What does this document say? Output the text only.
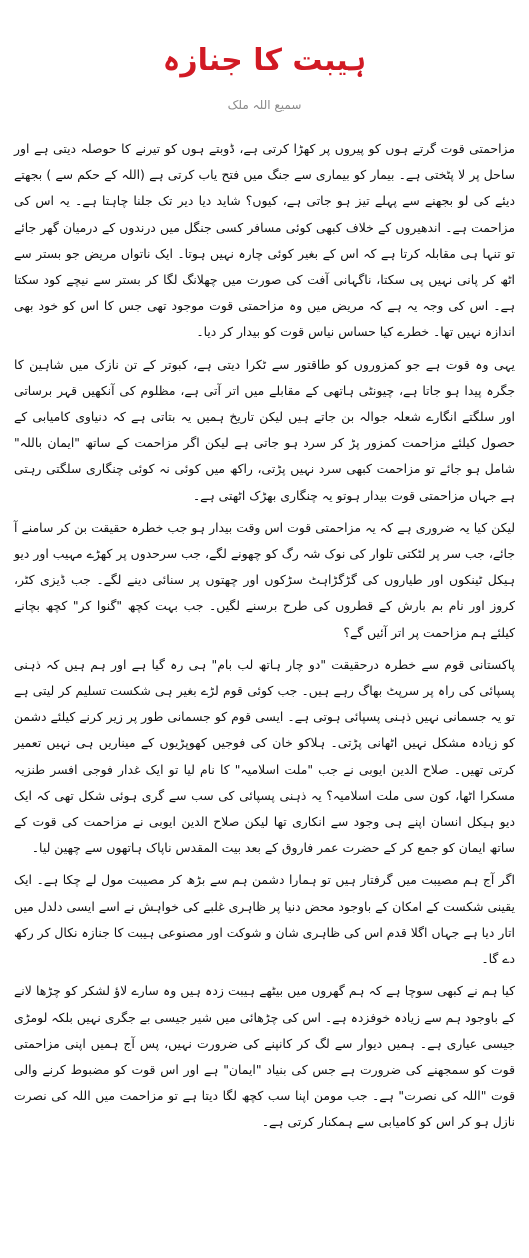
ہیبت کا جنازہ
سمیع اللہ ملک

مزاحمتی قوت گرتے ہوں کو پیروں پر کھڑا کرتی ہے، ڈوبتے ہوں کو تیرنے کا حوصلہ دیتی ہے اور ساحل پر لا پٹختی ہے۔ بیمار کو بیماری سے جنگ میں فتح یاب کرتی ہے (اللہ کے حکم سے ) بجھتے دیئے کی لو بجھنے سے پہلے تیز ہو جاتی ہے، کیوں؟ شاید دیا دیر تک جلنا چاہتا ہے۔ یہ اس کی مزاحمت ہے۔ اندھیروں کے خلاف کبھی کوئی مسافر کسی جنگل میں درندوں کے درمیان گھر جائے تو تنہا ہی مقابلہ کرتا ہے کہ اس کے بغیر کوئی چارہ نہیں ہوتا۔ ایک ناتواں مریض جو بستر سے اٹھ کر پانی نہیں پی سکتا، ناگہانی آفت کی صورت میں چھلانگ لگا کر بستر سے نیچے کود سکتا ہے۔ اس کی وجہ یہ ہے کہ مریض میں وہ مزاحمتی قوت موجود تھی جس کا اس کو خود بھی اندازہ نہیں تھا۔ خطرے کیا حساس نیاس قوت کو بیدار کر دیا۔

یہی وہ قوت ہے جو کمزوروں کو طاقتور سے ٹکرا دیتی ہے، کبوتر کے تن نازک میں شاہین کا جگرہ پیدا ہو جاتا ہے، چیونٹی ہاتھی کے مقابلے میں اتر آتی ہے، مظلوم کی آنکھیں قہر برساتی اور سلگتے انگارے شعلہ جوالہ بن جاتے ہیں لیکن تاریخ ہمیں یہ بتاتی ہے کہ دنیاوی کامیابی کے حصول کیلئے مزاحمت کمزور پڑ کر سرد ہو جاتی ہے لیکن اگر مزاحمت کے ساتھ "ایمان باللہ" شامل ہو جائے تو مزاحمت کبھی سرد نہیں پڑتی، راکھ میں کوئی نہ کوئی چنگاری سلگتی رہتی ہے جہاں مزاحمتی قوت بیدار ہوتو یہ چنگاری بھڑک اٹھتی ہے۔

لیکن کیا یہ ضروری ہے کہ یہ مزاحمتی قوت اس وقت بیدار ہو جب خطرہ حقیقت بن کر سامنے آ جائے، جب سر پر لٹکتی تلوار کی نوک شہ رگ کو چھونے لگے، جب سرحدوں پر کھڑے مہیب اور دیو ہیکل ٹینکوں اور طیاروں کی گڑگڑاہٹ سڑکوں اور چھتوں پر سنائی دینے لگے۔ جب ڈیزی کٹر، کروز اور نام بم بارش کے قطروں کی طرح برسنے لگیں۔ جب بہت کچھ "گنوا کر" کچھ بچانے کیلئے ہم مزاحمت پر اتر آئیں گے؟

پاکستانی قوم سے خطرہ درحقیقت "دو چار ہاتھ لب بام" ہی رہ گیا ہے اور ہم ہیں کہ ذہنی پسپائی کی راہ پر سرپٹ بھاگ رہے ہیں۔ جب کوئی قوم لڑے بغیر ہی شکست تسلیم کر لیتی ہے تو یہ جسمانی نہیں ذہنی پسپائی ہوتی ہے۔ ایسی قوم کو جسمانی طور پر زیر کرنے کیلئے دشمن کو زیادہ مشکل نہیں اٹھانی پڑتی۔ ہلاکو خان کی فوجیں کھوپڑیوں کے میناریں ہی نہیں تعمیر کرتی تھیں۔ صلاح الدین ایوبی نے جب "ملت اسلامیہ" کا نام لیا تو ایک غدار فوجی افسر طنزیہ مسکرا اٹھا، کون سی ملت اسلامیہ؟ یہ ذہنی پسپائی کی سب سے گری ہوئی شکل تھی کہ ایک دیو ہیکل انسان اپنے ہی وجود سے انکاری تھا لیکن صلاح الدین ایوبی نے مزاحمت کی قوت کے ساتھ ایمان کو جمع کر کے حضرت عمر فاروق کے بعد بیت المقدس ناپاک ہاتھوں سے چھین لیا۔

اگر آج ہم مصیبت میں گرفتار ہیں تو ہمارا دشمن ہم سے بڑھ کر مصیبت مول لے چکا ہے۔ ایک یقینی شکست کے امکان کے باوجود محض دنیا پر ظاہری غلبے کی خواہش نے اسے ایسی دلدل میں اتار دیا ہے جہاں اگلا قدم اس کی ظاہری شان و شوکت اور مصنوعی ہیبت کا جنازہ نکال کر رکھ دے گا۔

کیا ہم نے کبھی سوچا ہے کہ ہم گھروں میں بیٹھے ہیبت زدہ ہیں وہ سارے لاؤ لشکر کو چڑھا لانے کے باوجود ہم سے زیادہ خوفزدہ ہے۔ اس کی چڑھائی میں شیر جیسی بے جگری نہیں بلکہ لومڑی جیسی عیاری ہے۔ ہمیں دیوار سے لگ کر کانپنے کی ضرورت نہیں، پس آج ہمیں اپنی مزاحمتی قوت کو سمجھنے کی ضرورت ہے جس کی بنیاد "ایمان" ہے اور اس قوت کو مضبوط کرنے والی قوت "اللہ کی نصرت" ہے۔ جب مومن اپنا سب کچھ لگا دیتا ہے تو مزاحمت میں اللہ کی نصرت نازل ہو کر اس کو کامیابی سے ہمکنار کرتی ہے۔
